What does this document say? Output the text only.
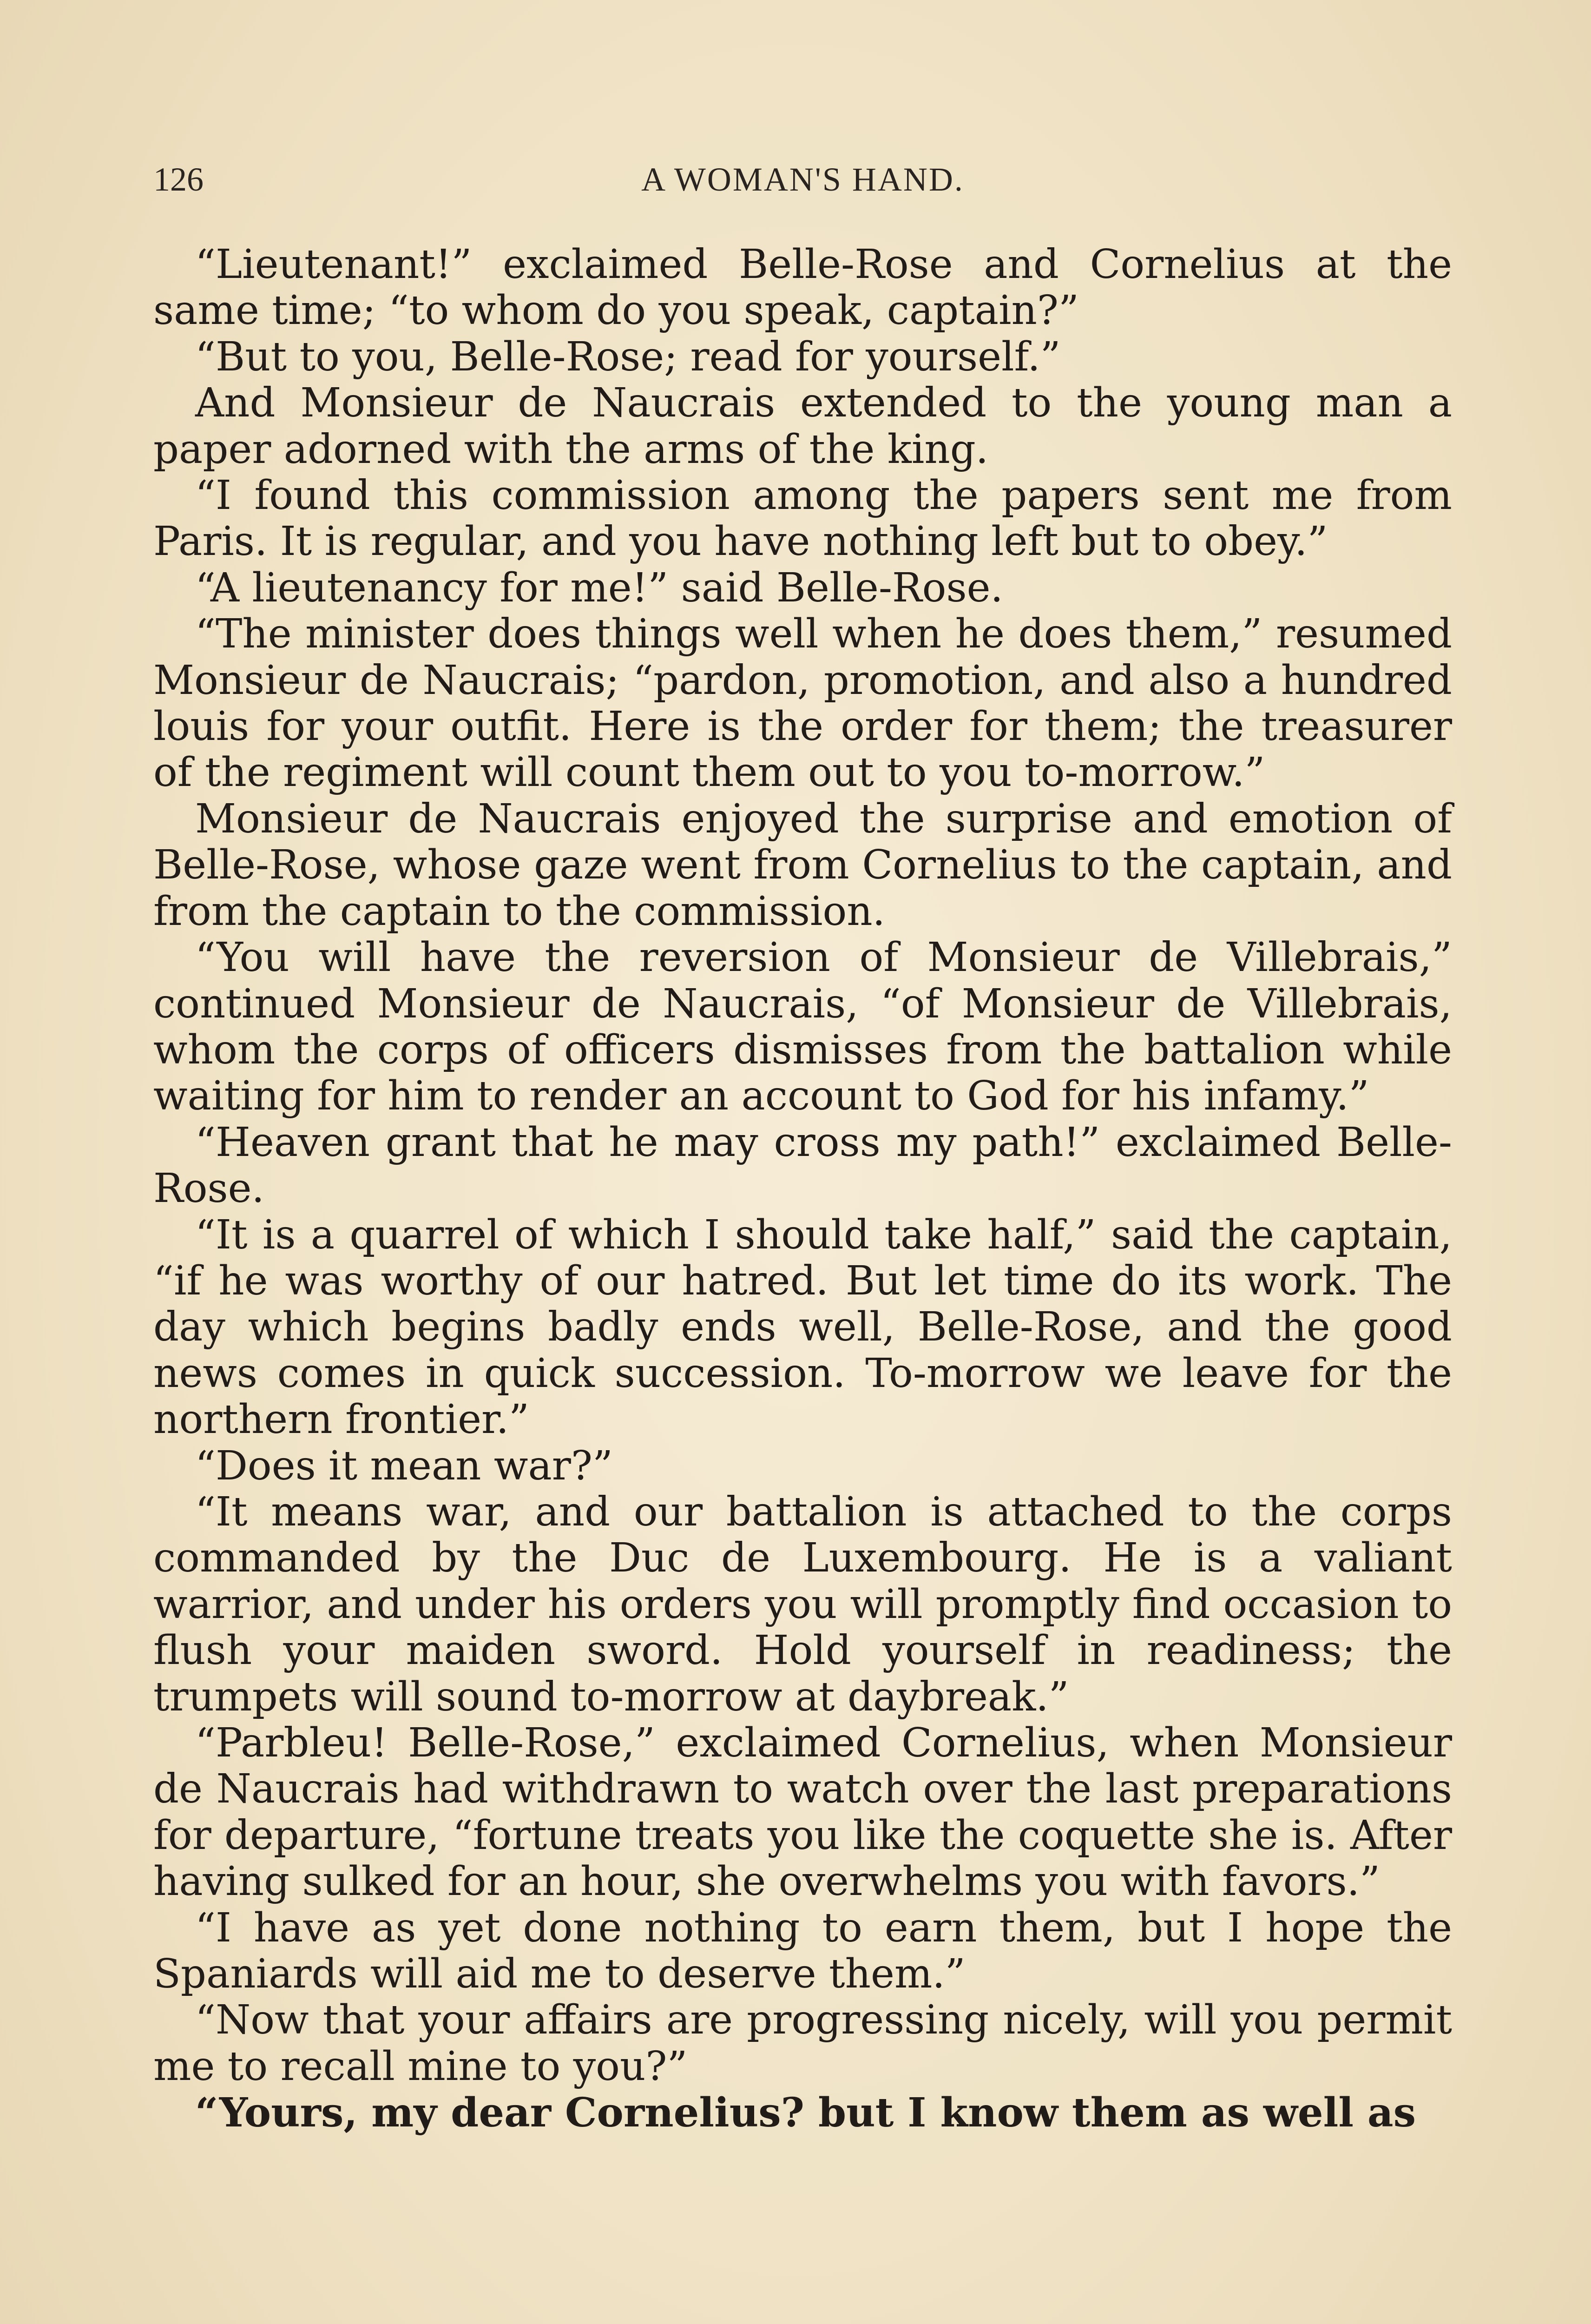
126	A WOMAN'S HAND.

“Lieutenant!” exclaimed Belle-Rose and Cornelius at the same time; “to whom do you speak, captain?”

“But to you, Belle-Rose; read for yourself.”

And Monsieur de Naucrais extended to the young man a paper adorned with the arms of the king.

“I found this commission among the papers sent me from Paris. It is regular, and you have nothing left but to obey.”

“A lieutenancy for me!” said Belle-Rose.

“The minister does things well when he does them,” resumed Monsieur de Naucrais; “pardon, promotion, and also a hundred louis for your outfit. Here is the order for them; the treasurer of the regiment will count them out to you to-morrow.”

Monsieur de Naucrais enjoyed the surprise and emotion of Belle-Rose, whose gaze went from Cornelius to the captain, and from the captain to the commission.

“You will have the reversion of Monsieur de Villebrais,” continued Monsieur de Naucrais, “of Monsieur de Villebrais, whom the corps of officers dismisses from the battalion while waiting for him to render an account to God for his infamy.”

“Heaven grant that he may cross my path!” exclaimed Belle-Rose.

“It is a quarrel of which I should take half,” said the captain, “if he was worthy of our hatred. But let time do its work. The day which begins badly ends well, Belle-Rose, and the good news comes in quick succession. To-morrow we leave for the northern frontier.”

“Does it mean war?”

“It means war, and our battalion is attached to the corps commanded by the Duc de Luxembourg. He is a valiant warrior, and under his orders you will promptly find occasion to flush your maiden sword. Hold yourself in readiness; the trumpets will sound to-morrow at daybreak.”

“Parbleu! Belle-Rose,” exclaimed Cornelius, when Monsieur de Naucrais had withdrawn to watch over the last preparations for departure, “fortune treats you like the coquette she is. After having sulked for an hour, she overwhelms you with favors.”

“I have as yet done nothing to earn them, but I hope the Spaniards will aid me to deserve them.”

“Now that your affairs are progressing nicely, will you permit me to recall mine to you?”

“Yours, my dear Cornelius? but I know them as well as
